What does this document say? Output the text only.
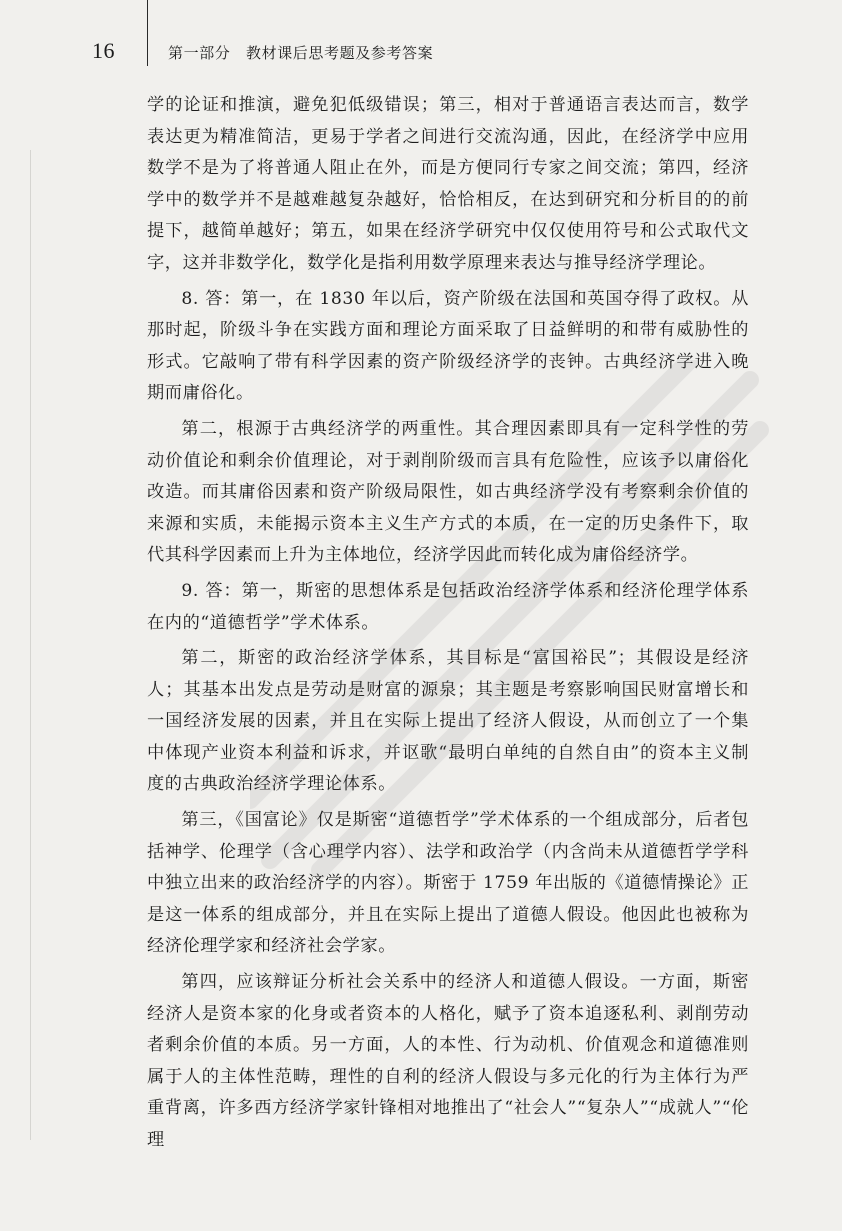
16	第一部分　教材课后思考题及参考答案

学的论证和推演，避免犯低级错误；第三，相对于普通语言表达而言，数学表达更为精准简洁，更易于学者之间进行交流沟通，因此，在经济学中应用数学不是为了将普通人阻止在外，而是方便同行专家之间交流；第四，经济学中的数学并不是越难越复杂越好，恰恰相反，在达到研究和分析目的的前提下，越简单越好；第五，如果在经济学研究中仅仅使用符号和公式取代文字，这并非数学化，数学化是指利用数学原理来表达与推导经济学理论。

8. 答：第一，在 1830 年以后，资产阶级在法国和英国夺得了政权。从那时起，阶级斗争在实践方面和理论方面采取了日益鲜明的和带有威胁性的形式。它敲响了带有科学因素的资产阶级经济学的丧钟。古典经济学进入晚期而庸俗化。

第二，根源于古典经济学的两重性。其合理因素即具有一定科学性的劳动价值论和剩余价值理论，对于剥削阶级而言具有危险性，应该予以庸俗化改造。而其庸俗因素和资产阶级局限性，如古典经济学没有考察剩余价值的来源和实质，未能揭示资本主义生产方式的本质，在一定的历史条件下，取代其科学因素而上升为主体地位，经济学因此而转化成为庸俗经济学。

9. 答：第一，斯密的思想体系是包括政治经济学体系和经济伦理学体系在内的“道德哲学”学术体系。

第二，斯密的政治经济学体系，其目标是“富国裕民”；其假设是经济人；其基本出发点是劳动是财富的源泉；其主题是考察影响国民财富增长和一国经济发展的因素，并且在实际上提出了经济人假设，从而创立了一个集中体现产业资本利益和诉求，并讴歌“最明白单纯的自然自由”的资本主义制度的古典政治经济学理论体系。

第三，《国富论》仅是斯密“道德哲学”学术体系的一个组成部分，后者包括神学、伦理学（含心理学内容）、法学和政治学（内含尚未从道德哲学学科中独立出来的政治经济学的内容）。斯密于 1759 年出版的《道德情操论》正是这一体系的组成部分，并且在实际上提出了道德人假设。他因此也被称为经济伦理学家和经济社会学家。

第四，应该辩证分析社会关系中的经济人和道德人假设。一方面，斯密经济人是资本家的化身或者资本的人格化，赋予了资本追逐私利、剥削劳动者剩余价值的本质。另一方面，人的本性、行为动机、价值观念和道德准则属于人的主体性范畴，理性的自利的经济人假设与多元化的行为主体行为严重背离，许多西方经济学家针锋相对地推出了“社会人”“复杂人”“成就人”“伦理
